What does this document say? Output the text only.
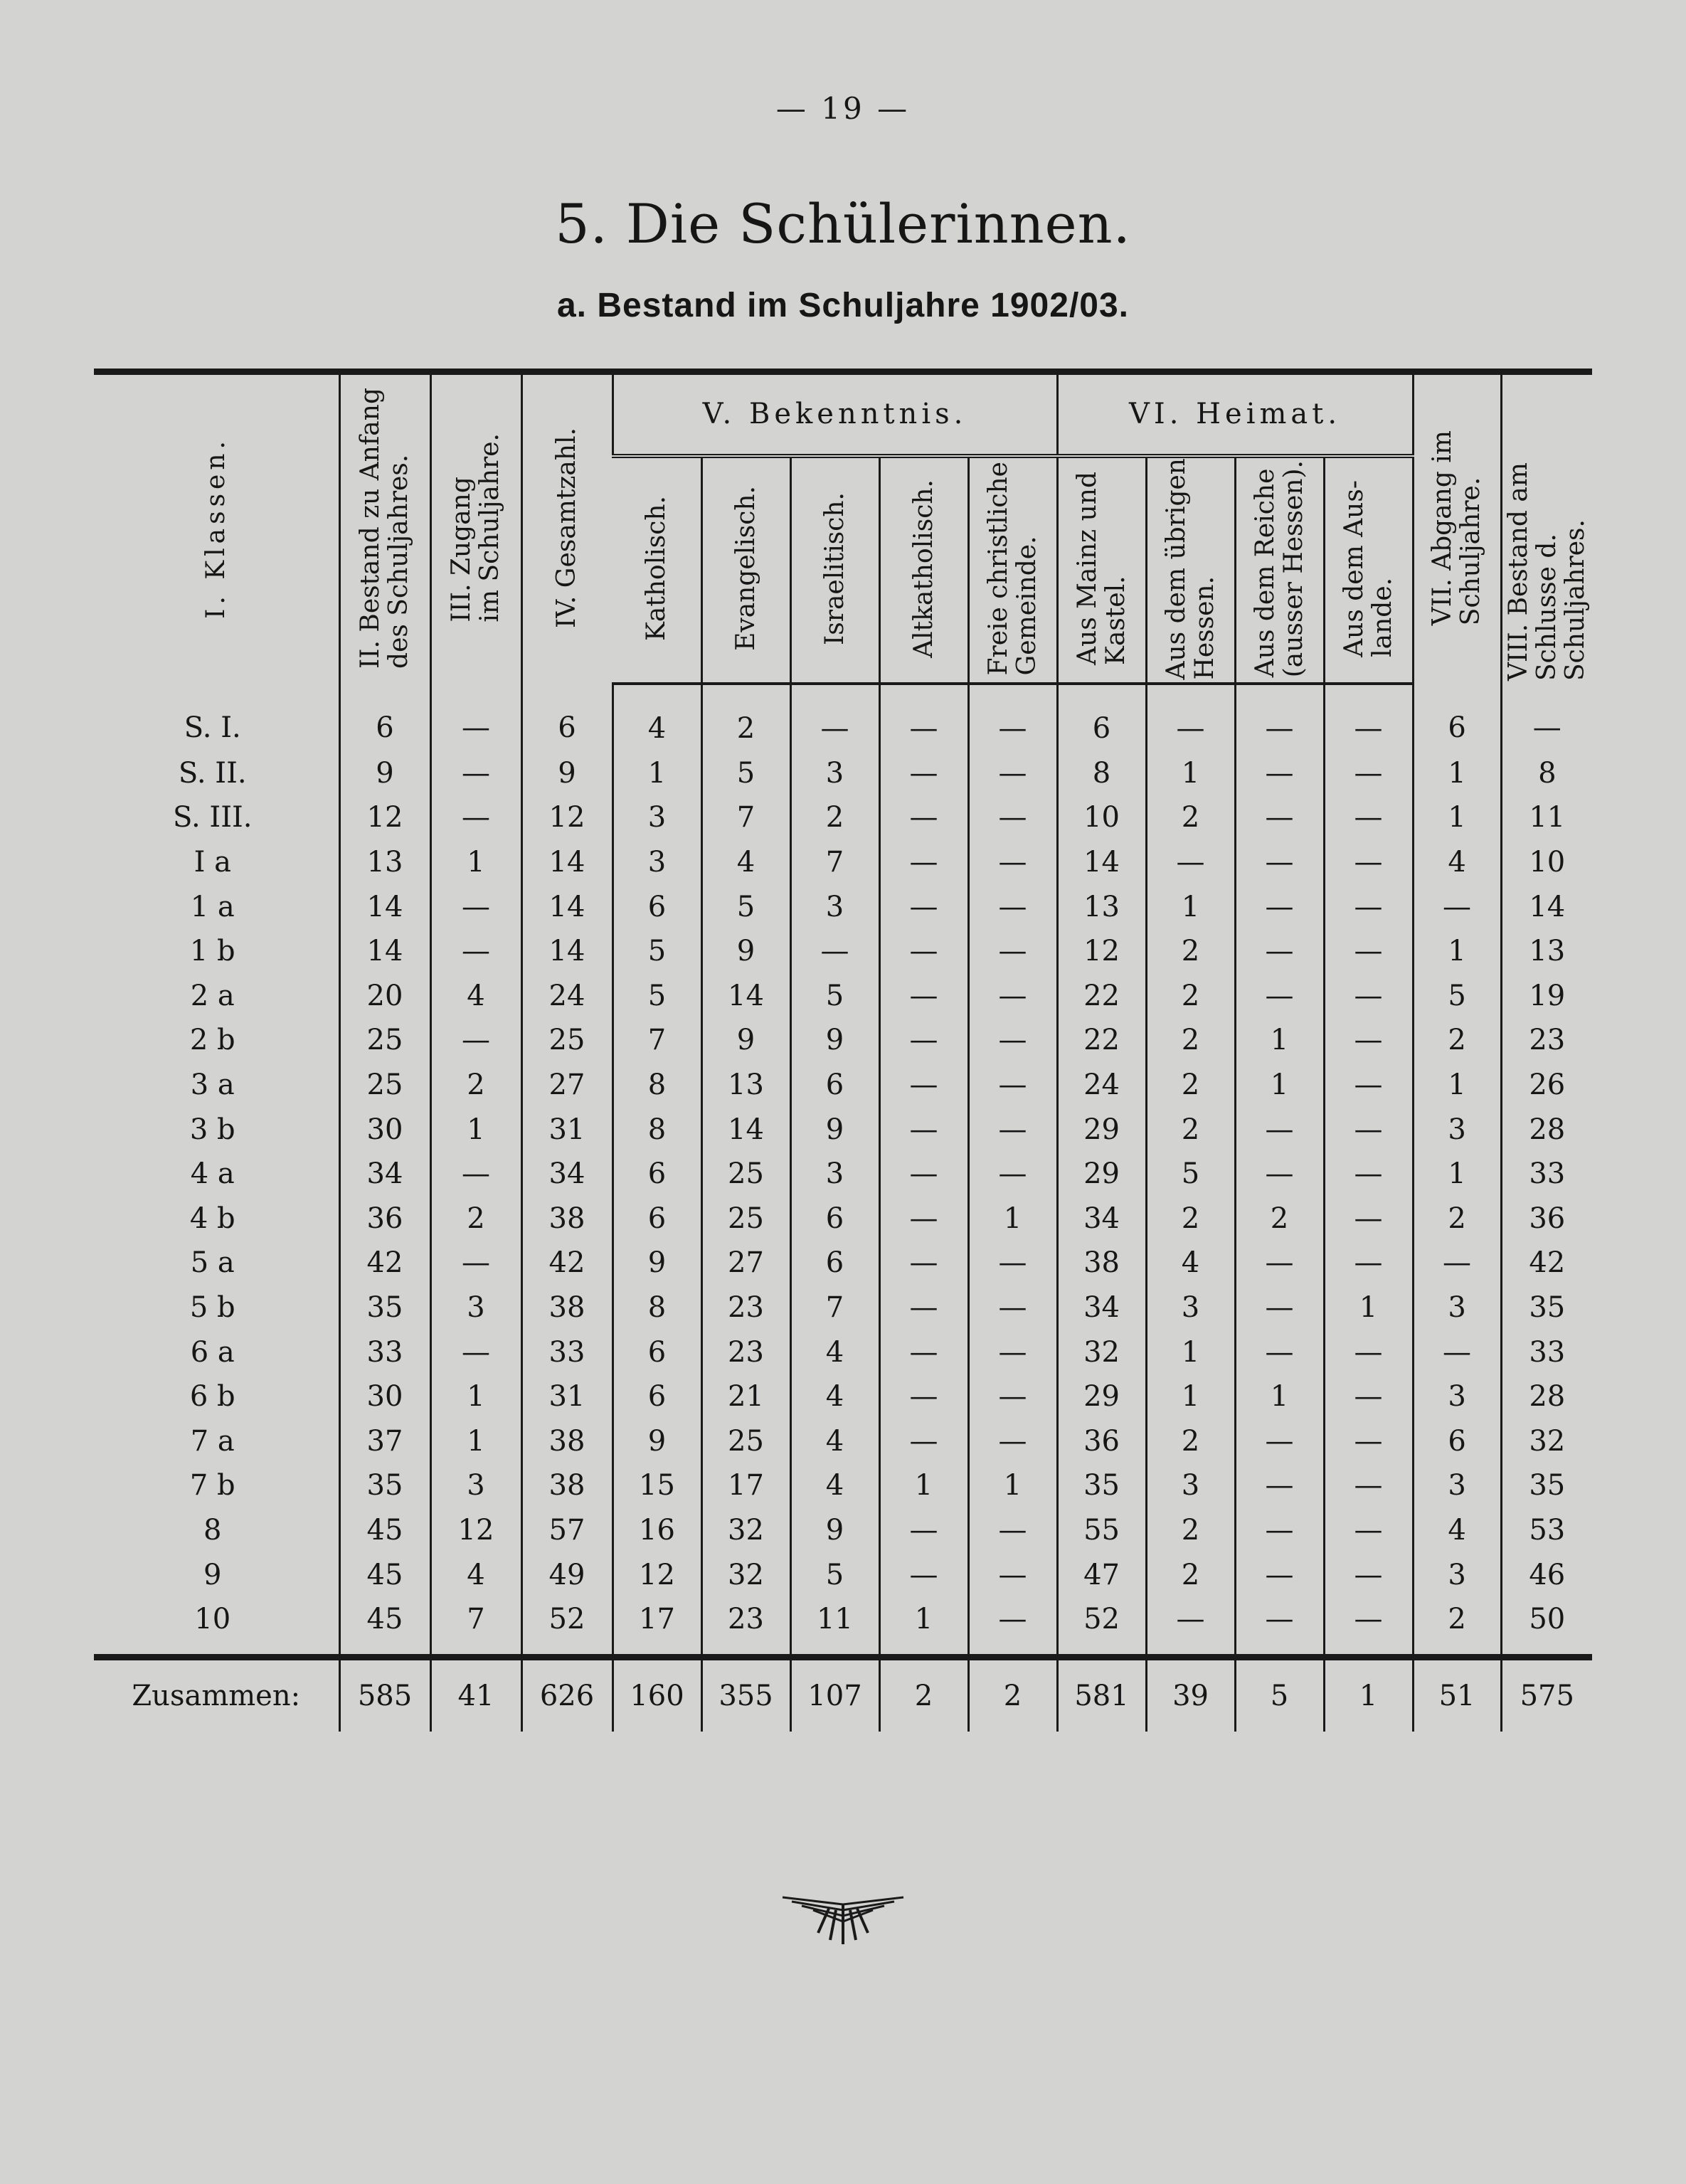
— 19 —
5. Die Schülerinnen.
a. Bestand im Schuljahre 1902/03.
I. Klassen.	II. Bestand zu Anfang
des Schuljahres.	III. Zugang
im Schuljahre.	IV. Gesamtzahl.	V. Bekenntnis.					VI. Heimat.				VII. Abgang im
Schuljahre.	VIII. Bestand am
Schlusse d. Schuljahres.
				Katholisch.	Evangelisch.	Israelitisch.	Altkatholisch.	Freie christliche
Gemeinde.	Aus Mainz und
Kastel.	Aus dem übrigen
Hessen.	Aus dem Reiche
(ausser Hessen).	Aus dem Aus-
lande.		
S. I.	6	—	6	4	2	—	—	—	6	—	—	—	6	—
S. II.	9	—	9	1	5	3	—	—	8	1	—	—	1	8
S. III.	12	—	12	3	7	2	—	—	10	2	—	—	1	11
I a	13	1	14	3	4	7	—	—	14	—	—	—	4	10
1 a	14	—	14	6	5	3	—	—	13	1	—	—	—	14
1 b	14	—	14	5	9	—	—	—	12	2	—	—	1	13
2 a	20	4	24	5	14	5	—	—	22	2	—	—	5	19
2 b	25	—	25	7	9	9	—	—	22	2	1	—	2	23
3 a	25	2	27	8	13	6	—	—	24	2	1	—	1	26
3 b	30	1	31	8	14	9	—	—	29	2	—	—	3	28
4 a	34	—	34	6	25	3	—	—	29	5	—	—	1	33
4 b	36	2	38	6	25	6	—	1	34	2	2	—	2	36
5 a	42	—	42	9	27	6	—	—	38	4	—	—	—	42
5 b	35	3	38	8	23	7	—	—	34	3	—	1	3	35
6 a	33	—	33	6	23	4	—	—	32	1	—	—	—	33
6 b	30	1	31	6	21	4	—	—	29	1	1	—	3	28
7 a	37	1	38	9	25	4	—	—	36	2	—	—	6	32
7 b	35	3	38	15	17	4	1	1	35	3	—	—	3	35
8	45	12	57	16	32	9	—	—	55	2	—	—	4	53
9	45	4	49	12	32	5	—	—	47	2	—	—	3	46
10	45	7	52	17	23	11	1	—	52	—	—	—	2	50
Zusammen:	585	41	626	160	355	107	2	2	581	39	5	1	51	575
